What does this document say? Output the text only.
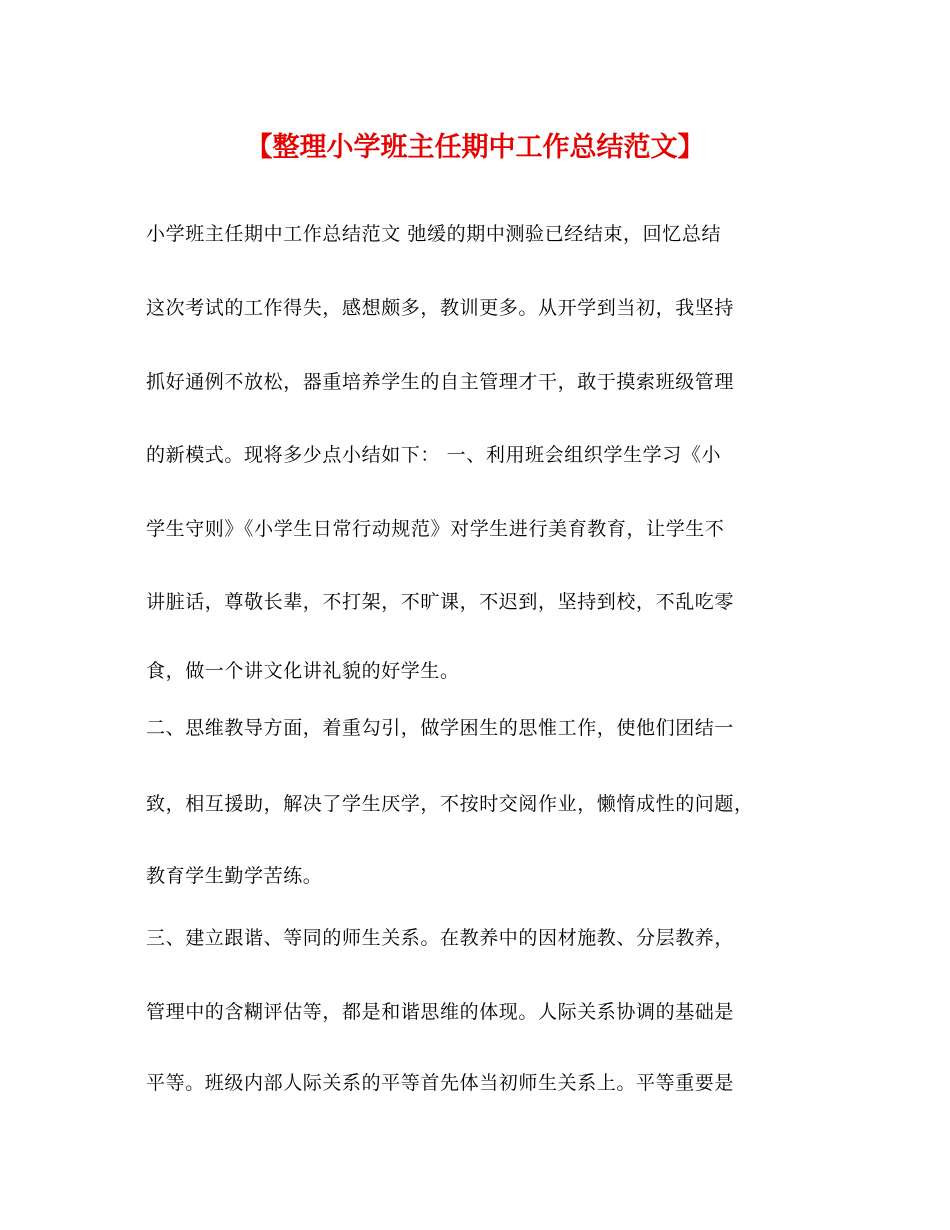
【整理小学班主任期中工作总结范文】
小学班主任期中工作总结范文 弛缓的期中测验已经结束，回忆总结
这次考试的工作得失，感想颇多，教训更多。从开学到当初，我坚持
抓好通例不放松，器重培养学生的自主管理才干，敢于摸索班级管理
的新模式。现将多少点小结如下： 一、利用班会组织学生学习《小
学生守则》《小学生日常行动规范》对学生进行美育教育，让学生不
讲脏话，尊敬长辈，不打架，不旷课，不迟到，坚持到校，不乱吃零
食，做一个讲文化讲礼貌的好学生。
二、思维教导方面，着重勾引，做学困生的思惟工作，使他们团结一
致，相互援助，解决了学生厌学，不按时交阅作业，懒惰成性的问题，
教育学生勤学苦练。
三、建立跟谐、等同的师生关系。在教养中的因材施教、分层教养，
管理中的含糊评估等，都是和谐思维的体现。人际关系协调的基础是
平等。班级内部人际关系的平等首先体当初师生关系上。平等重要是
